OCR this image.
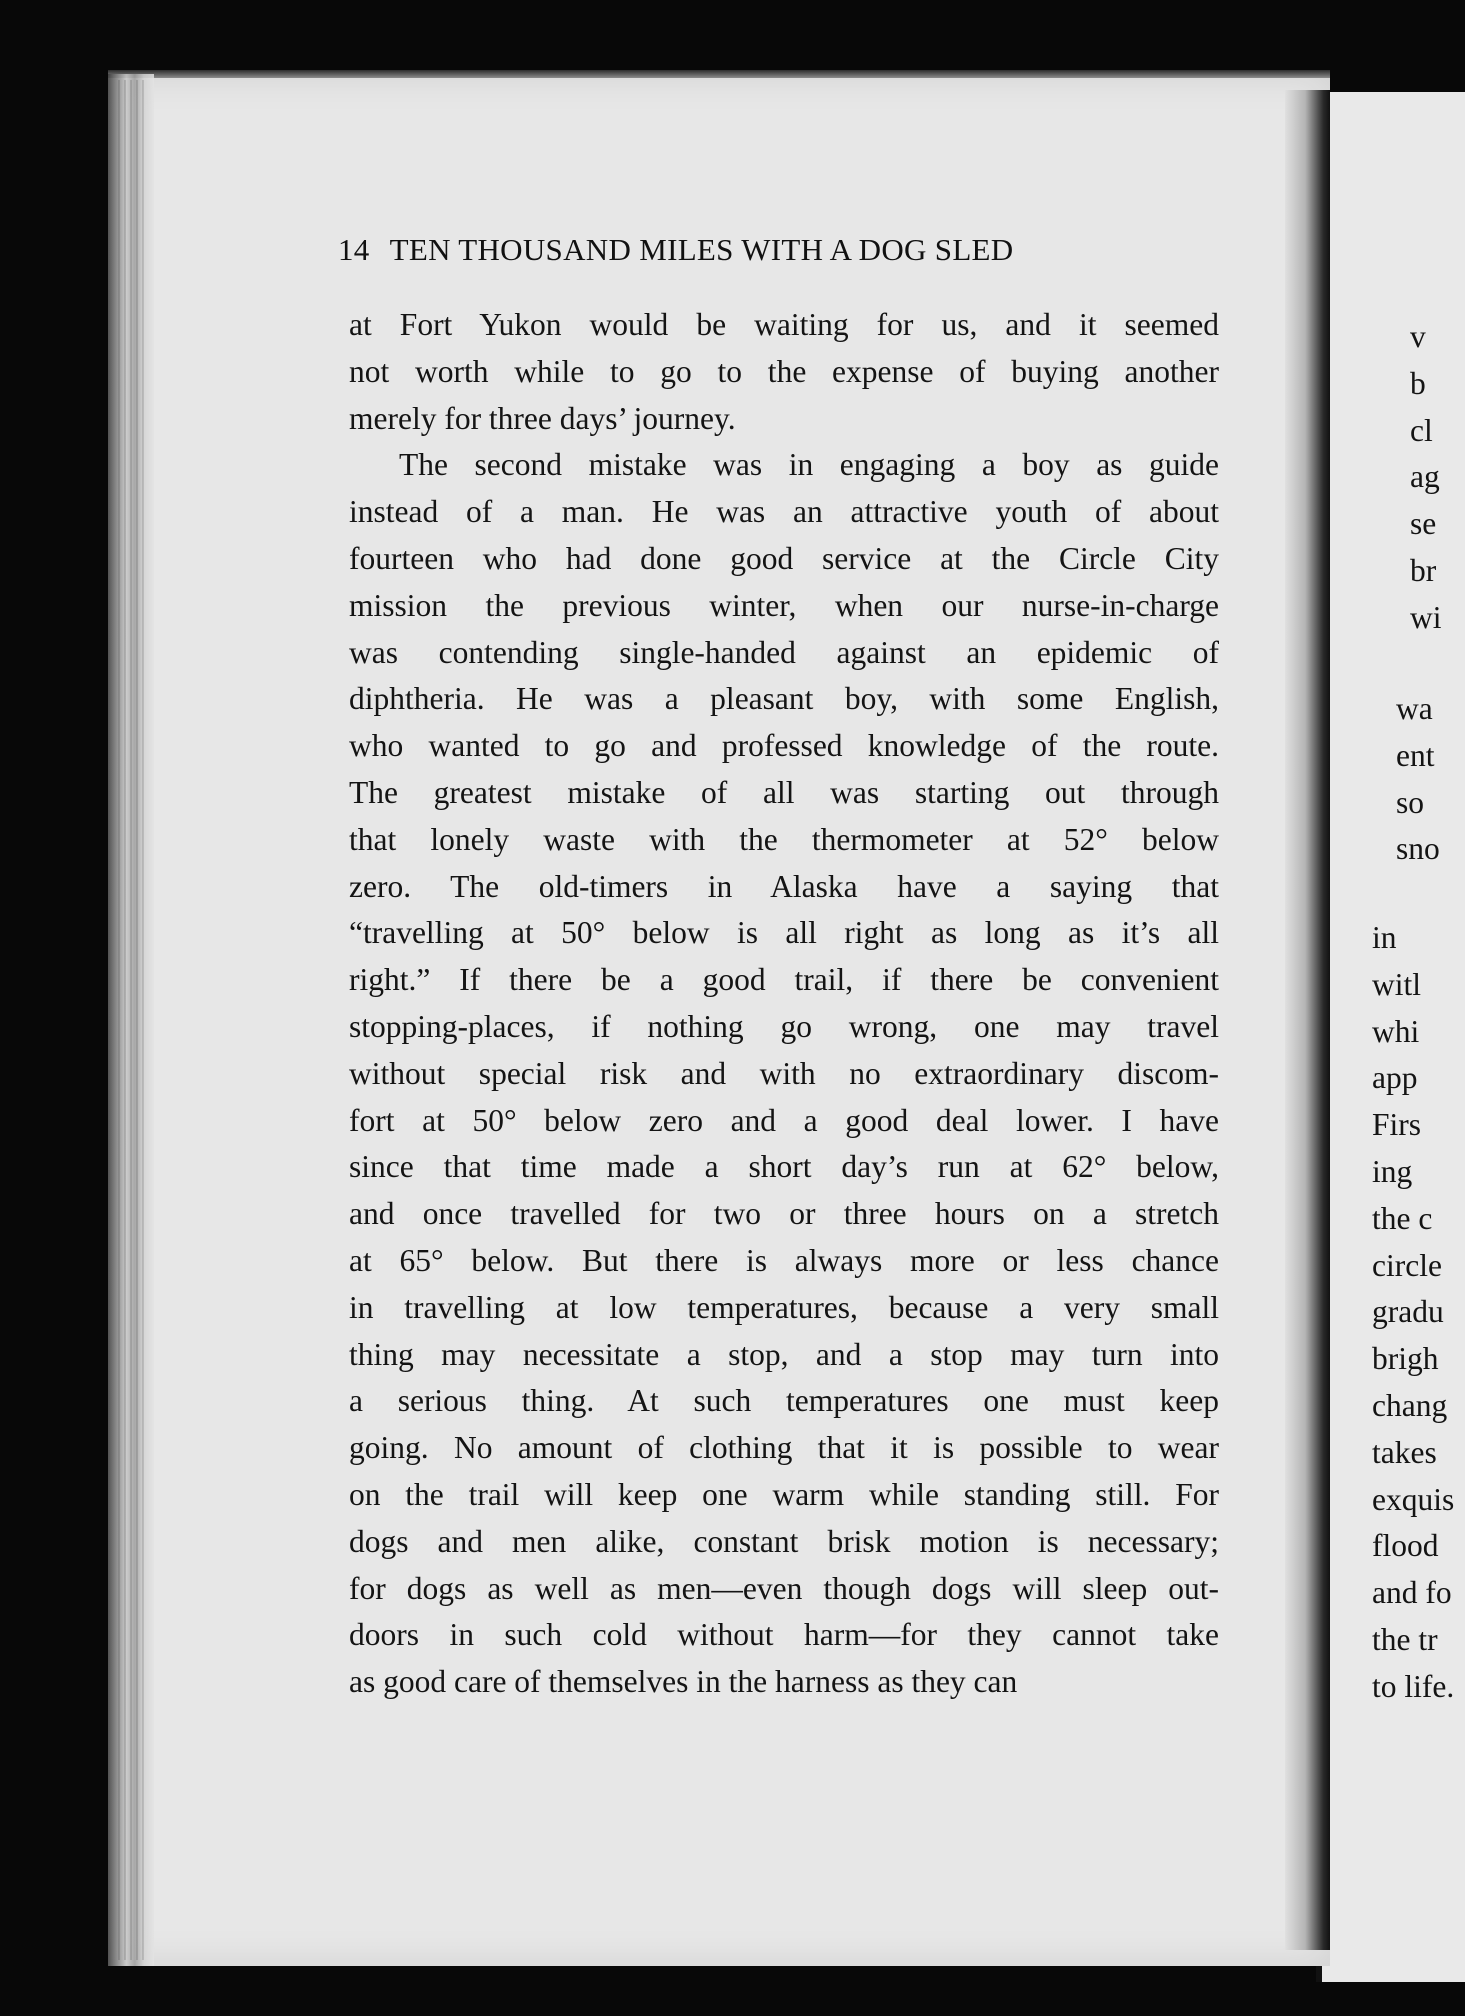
14 TEN THOUSAND MILES WITH A DOG SLED
at Fort Yukon would be waiting for us, and it seemed
not worth while to go to the expense of buying another
merely for three days’ journey.
The second mistake was in engaging a boy as guide
instead of a man. He was an attractive youth of about
fourteen who had done good service at the Circle City
mission the previous winter, when our nurse-in-charge
was contending single-handed against an epidemic of
diphtheria. He was a pleasant boy, with some English,
who wanted to go and professed knowledge of the route.
The greatest mistake of all was starting out through
that lonely waste with the thermometer at 52° below
zero. The old-timers in Alaska have a saying that
“travelling at 50° below is all right as long as it’s all
right.” If there be a good trail, if there be convenient
stopping-places, if nothing go wrong, one may travel
without special risk and with no extraordinary discom-
fort at 50° below zero and a good deal lower. I have
since that time made a short day’s run at 62° below,
and once travelled for two or three hours on a stretch
at 65° below. But there is always more or less chance
in travelling at low temperatures, because a very small
thing may necessitate a stop, and a stop may turn into
a serious thing. At such temperatures one must keep
going. No amount of clothing that it is possible to wear
on the trail will keep one warm while standing still. For
dogs and men alike, constant brisk motion is necessary;
for dogs as well as men—even though dogs will sleep out-
doors in such cold without harm—for they cannot take
as good care of themselves in the harness as they can
v
b
cl
ag
se
br
wi
wa
ent
so
sno
in
witl
whi
app
Firs
ing
the c
circle
gradu
brigh
chang
takes
exquis
flood
and fo
the tr
to life.
